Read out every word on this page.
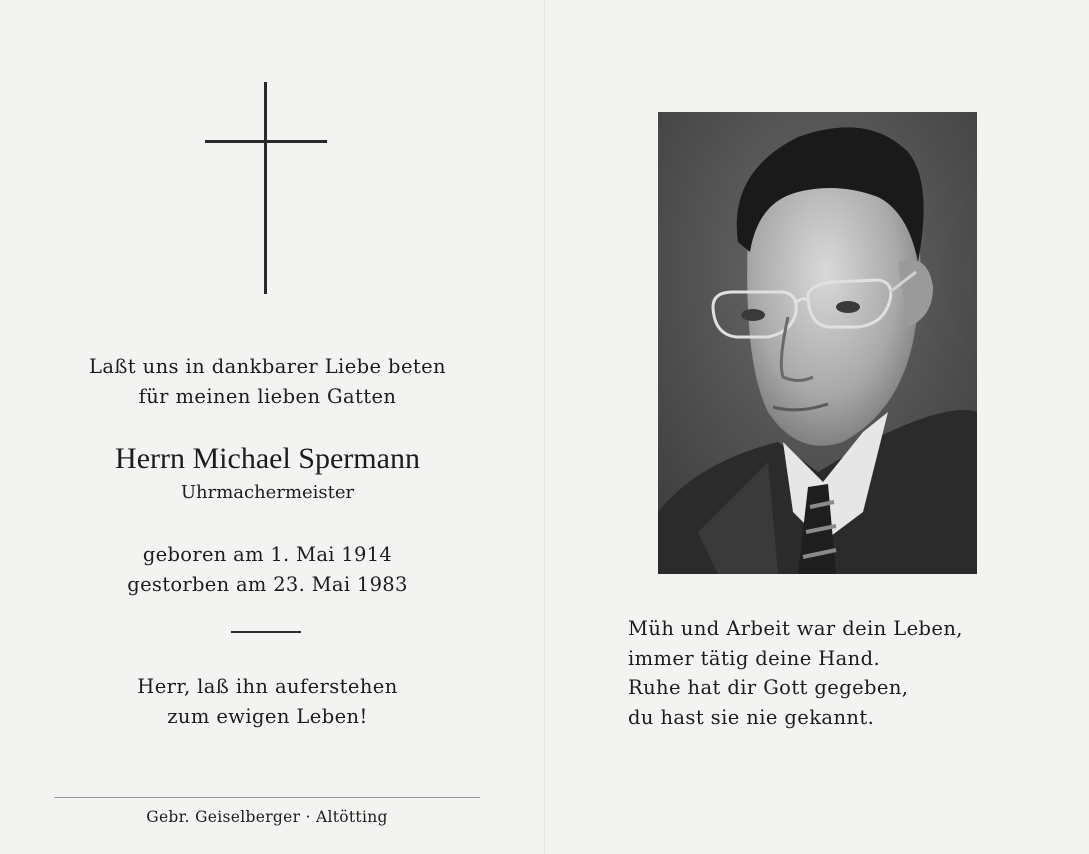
Laßt uns in dankbarer Liebe beten
für meinen lieben Gatten
Herrn Michael Spermann
Uhrmachermeister
geboren am 1. Mai 1914
gestorben am 23. Mai 1983
Herr, laß ihn auferstehen
zum ewigen Leben!
Gebr. Geiselberger · Altötting
Müh und Arbeit war dein Leben,
immer tätig deine Hand.
Ruhe hat dir Gott gegeben,
du hast sie nie gekannt.
